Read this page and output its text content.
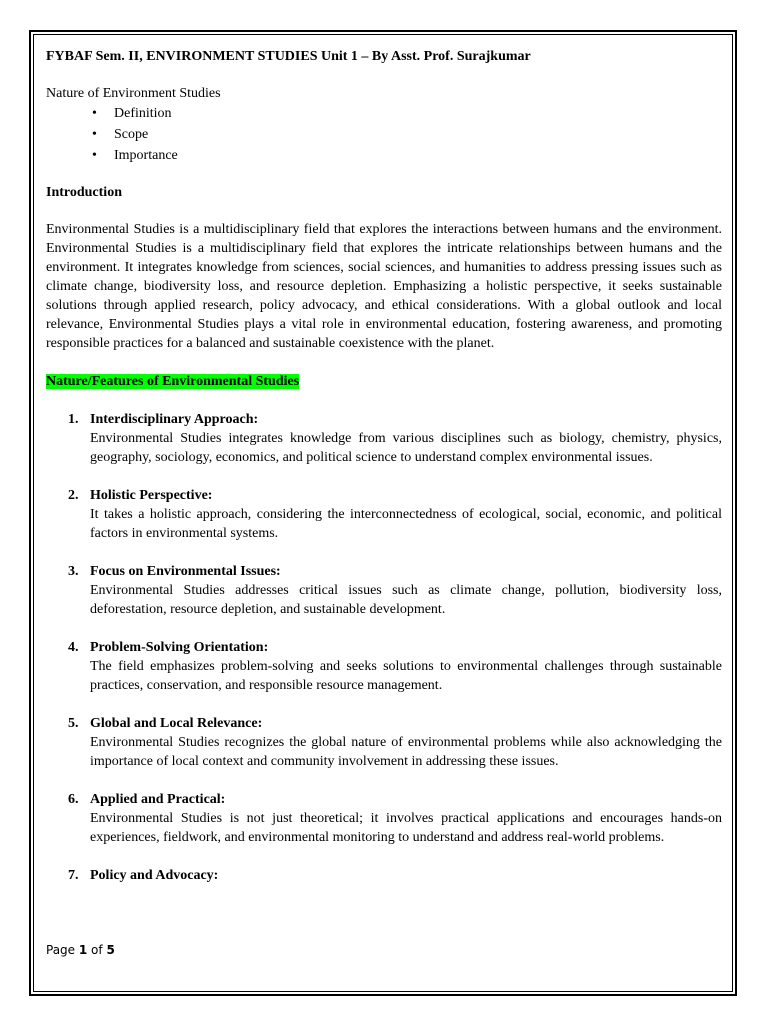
FYBAF Sem. II, ENVIRONMENT STUDIES Unit 1 – By Asst. Prof. Surajkumar
Nature of Environment Studies
• Definition
• Scope
• Importance
Introduction
Environmental Studies is a multidisciplinary field that explores the interactions between humans and the environment. Environmental Studies is a multidisciplinary field that explores the intricate relationships between humans and the environment. It integrates knowledge from sciences, social sciences, and humanities to address pressing issues such as climate change, biodiversity loss, and resource depletion. Emphasizing a holistic perspective, it seeks sustainable solutions through applied research, policy advocacy, and ethical considerations. With a global outlook and local relevance, Environmental Studies plays a vital role in environmental education, fostering awareness, and promoting responsible practices for a balanced and sustainable coexistence with the planet.
Nature/Features of Environmental Studies
1. Interdisciplinary Approach:
Environmental Studies integrates knowledge from various disciplines such as biology, chemistry, physics, geography, sociology, economics, and political science to understand complex environmental issues.
2. Holistic Perspective:
It takes a holistic approach, considering the interconnectedness of ecological, social, economic, and political factors in environmental systems.
3. Focus on Environmental Issues:
Environmental Studies addresses critical issues such as climate change, pollution, biodiversity loss, deforestation, resource depletion, and sustainable development.
4. Problem-Solving Orientation:
The field emphasizes problem-solving and seeks solutions to environmental challenges through sustainable practices, conservation, and responsible resource management.
5. Global and Local Relevance:
Environmental Studies recognizes the global nature of environmental problems while also acknowledging the importance of local context and community involvement in addressing these issues.
6. Applied and Practical:
Environmental Studies is not just theoretical; it involves practical applications and encourages hands-on experiences, fieldwork, and environmental monitoring to understand and address real-world problems.
7. Policy and Advocacy:
Page 1 of 5
